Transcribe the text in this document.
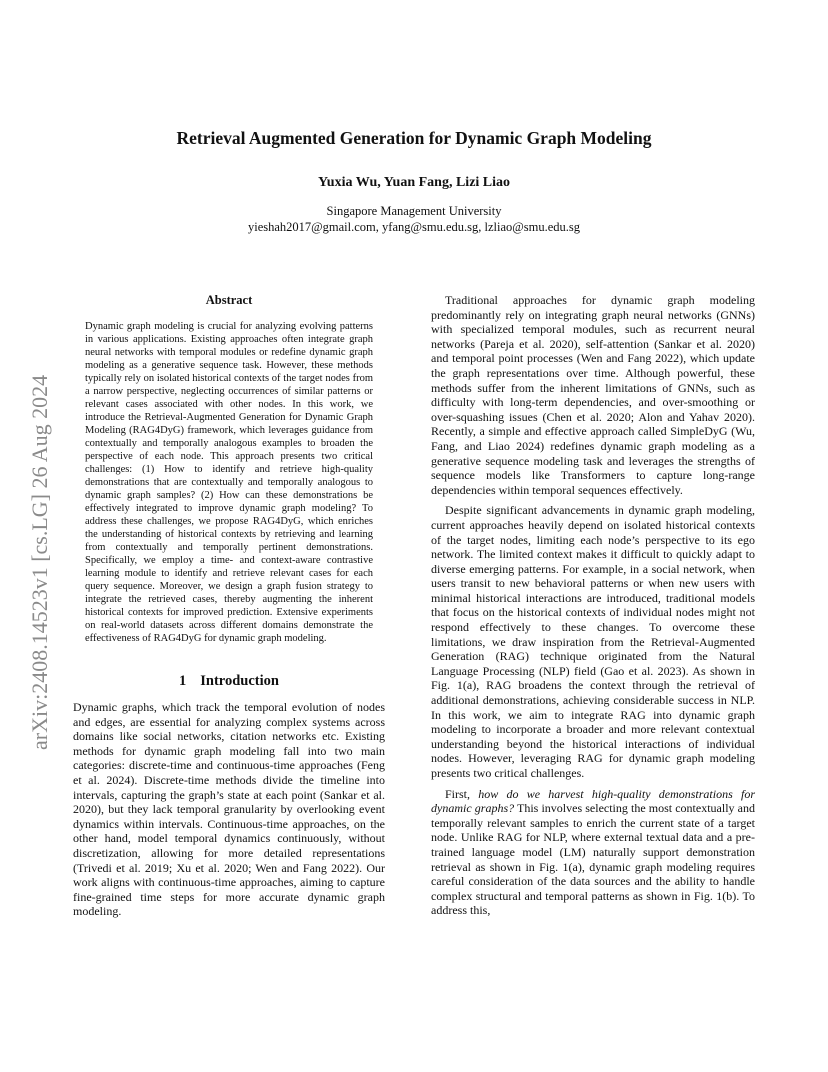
arXiv:2408.14523v1 [cs.LG] 26 Aug 2024
Retrieval Augmented Generation for Dynamic Graph Modeling
Yuxia Wu, Yuan Fang, Lizi Liao
Singapore Management University
yieshah2017@gmail.com, yfang@smu.edu.sg, lzliao@smu.edu.sg
Abstract

Dynamic graph modeling is crucial for analyzing evolving patterns in various applications. Existing approaches often integrate graph neural networks with temporal modules or redefine dynamic graph modeling as a generative sequence task. However, these methods typically rely on isolated historical contexts of the target nodes from a narrow perspective, neglecting occurrences of similar patterns or relevant cases associated with other nodes. In this work, we introduce the Retrieval-Augmented Generation for Dynamic Graph Modeling (RAG4DyG) framework, which leverages guidance from contextually and temporally analogous examples to broaden the perspective of each node. This approach presents two critical challenges: (1) How to identify and retrieve high-quality demonstrations that are contextually and temporally analogous to dynamic graph samples? (2) How can these demonstrations be effectively integrated to improve dynamic graph modeling? To address these challenges, we propose RAG4DyG, which enriches the understanding of historical contexts by retrieving and learning from contextually and temporally pertinent demonstrations. Specifically, we employ a time- and context-aware contrastive learning module to identify and retrieve relevant cases for each query sequence. Moreover, we design a graph fusion strategy to integrate the retrieved cases, thereby augmenting the inherent historical contexts for improved prediction. Extensive experiments on real-world datasets across different domains demonstrate the effectiveness of RAG4DyG for dynamic graph modeling.

1 Introduction

Dynamic graphs, which track the temporal evolution of nodes and edges, are essential for analyzing complex systems across domains like social networks, citation networks etc. Existing methods for dynamic graph modeling fall into two main categories: discrete-time and continuous-time approaches (Feng et al. 2024). Discrete-time methods divide the timeline into intervals, capturing the graph’s state at each point (Sankar et al. 2020), but they lack temporal granularity by overlooking event dynamics within intervals. Continuous-time approaches, on the other hand, model temporal dynamics continuously, without discretization, allowing for more detailed representations (Trivedi et al. 2019; Xu et al. 2020; Wen and Fang 2022). Our work aligns with continuous-time approaches, aiming to capture fine-grained time steps for more accurate dynamic graph modeling.

Traditional approaches for dynamic graph modeling predominantly rely on integrating graph neural networks (GNNs) with specialized temporal modules, such as recurrent neural networks (Pareja et al. 2020), self-attention (Sankar et al. 2020) and temporal point processes (Wen and Fang 2022), which update the graph representations over time. Although powerful, these methods suffer from the inherent limitations of GNNs, such as difficulty with long-term dependencies, and over-smoothing or over-squashing issues (Chen et al. 2020; Alon and Yahav 2020). Recently, a simple and effective approach called SimpleDyG (Wu, Fang, and Liao 2024) redefines dynamic graph modeling as a generative sequence modeling task and leverages the strengths of sequence models like Transformers to capture long-range dependencies within temporal sequences effectively.

Despite significant advancements in dynamic graph modeling, current approaches heavily depend on isolated historical contexts of the target nodes, limiting each node’s perspective to its ego network. The limited context makes it difficult to quickly adapt to diverse emerging patterns. For example, in a social network, when users transit to new behavioral patterns or when new users with minimal historical interactions are introduced, traditional models that focus on the historical contexts of individual nodes might not respond effectively to these changes. To overcome these limitations, we draw inspiration from the Retrieval-Augmented Generation (RAG) technique originated from the Natural Language Processing (NLP) field (Gao et al. 2023). As shown in Fig. 1(a), RAG broadens the context through the retrieval of additional demonstrations, achieving considerable success in NLP. In this work, we aim to integrate RAG into dynamic graph modeling to incorporate a broader and more relevant contextual understanding beyond the historical interactions of individual nodes. However, leveraging RAG for dynamic graph modeling presents two critical challenges.

First, how do we harvest high-quality demonstrations for dynamic graphs? This involves selecting the most contextually and temporally relevant samples to enrich the current state of a target node. Unlike RAG for NLP, where external textual data and a pre-trained language model (LM) naturally support demonstration retrieval as shown in Fig. 1(a), dynamic graph modeling requires careful consideration of the data sources and the ability to handle complex structural and temporal patterns as shown in Fig. 1(b). To address this,
